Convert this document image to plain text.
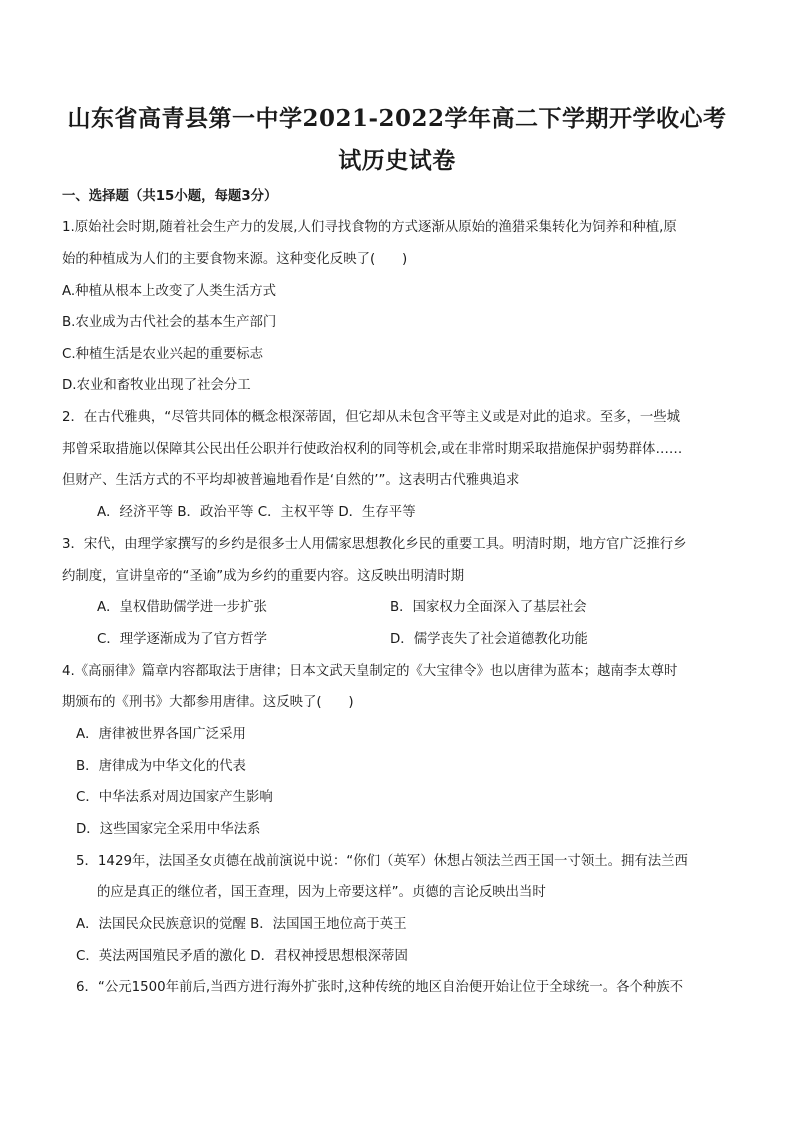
山东省高青县第一中学2021-2022学年高二下学期开学收心考
试历史试卷
一、选择题（共15小题，每题3分）
1.原始社会时期,随着社会生产力的发展,人们寻找食物的方式逐渐从原始的渔猎采集转化为饲养和种植,原
始的种植成为人们的主要食物来源。这种变化反映了(　　)
A.种植从根本上改变了人类生活方式
B.农业成为古代社会的基本生产部门
C.种植生活是农业兴起的重要标志
D.农业和畜牧业出现了社会分工
2．在古代雅典，“尽管共同体的概念根深蒂固，但它却从未包含平等主义或是对此的追求。至多，一些城
邦曾采取措施以保障其公民出任公职并行使政治权利的同等机会,或在非常时期采取措施保护弱势群体……
但财产、生活方式的不平均却被普遍地看作是‘自然的’”。这表明古代雅典追求
A．经济平等 B．政治平等 C．主权平等 D．生存平等
3．宋代，由理学家撰写的乡约是很多士人用儒家思想教化乡民的重要工具。明清时期，地方官广泛推行乡
约制度，宣讲皇帝的“圣谕”成为乡约的重要内容。这反映出明清时期
A．皇权借助儒学进一步扩张	B．国家权力全面深入了基层社会
C．理学逐渐成为了官方哲学	D．儒学丧失了社会道德教化功能
4.《高丽律》篇章内容都取法于唐律；日本文武天皇制定的《大宝律令》也以唐律为蓝本；越南李太尊时
期颁布的《刑书》大都参用唐律。这反映了(　　)
A．唐律被世界各国广泛采用
B．唐律成为中华文化的代表
C．中华法系对周边国家产生影响
D．这些国家完全采用中华法系
5．1429年，法国圣女贞德在战前演说中说：“你们（英军）休想占领法兰西王国一寸领土。拥有法兰西
的应是真正的继位者，国王查理，因为上帝要这样”。贞德的言论反映出当时
A．法国民众民族意识的觉醒 B．法国国王地位高于英王
C．英法两国殖民矛盾的激化 D．君权神授思想根深蒂固
6．“公元1500年前后,当西方进行海外扩张时,这种传统的地区自治便开始让位于全球统一。各个种族不
